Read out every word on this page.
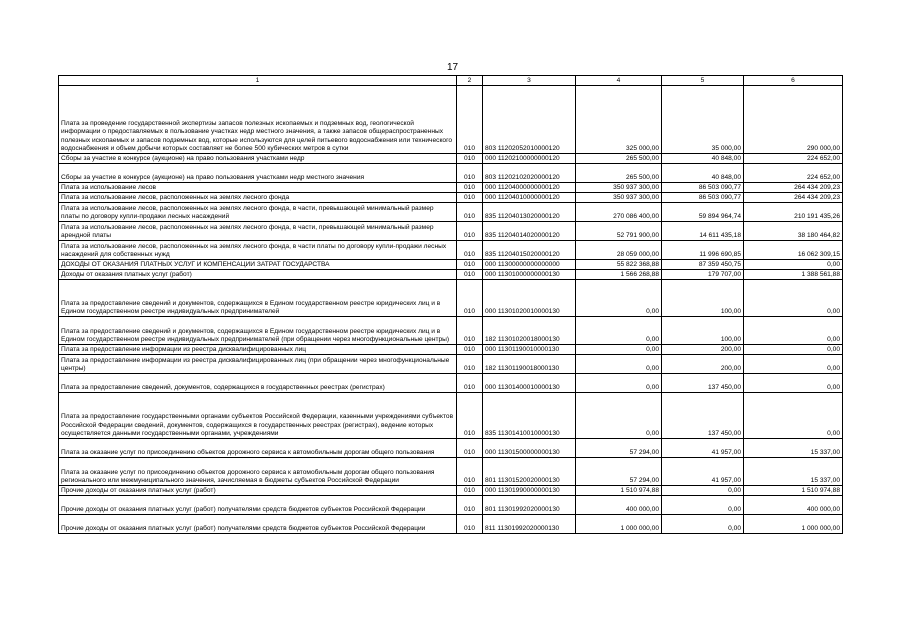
17
1	2	3	4	5	6
Плата за проведение государственной экспертизы запасов полезных ископаемых и подземных вод, геологической информации о предоставляемых в пользование участках недр местного значения, а также запасов общераспространенных полезных ископаемых и запасов подземных вод, которые используются для целей питьевого водоснабжения или технического водоснабжения и объем добычи которых составляет не более 500 кубических метров в сутки	010	803 11202052010000120	325 000,00	35 000,00	290 000,00
Сборы за участие в конкурсе (аукционе) на право пользования участками недр	010	000 11202100000000120	265 500,00	40 848,00	224 652,00
Сборы за участие в конкурсе (аукционе) на право пользования участками недр местного значения	010	803 11202102020000120	265 500,00	40 848,00	224 652,00
Плата за использование лесов	010	000 11204000000000120	350 937 300,00	86 503 090,77	264 434 209,23
Плата за использование лесов, расположенных на землях лесного фонда	010	000 11204010000000120	350 937 300,00	86 503 090,77	264 434 209,23
Плата за использование лесов, расположенных на землях лесного фонда, в части, превышающей минимальный размер платы по договору купли-продажи лесных насаждений	010	835 11204013020000120	270 086 400,00	59 894 964,74	210 191 435,26
Плата за использование лесов, расположенных на землях лесного фонда, в части, превышающей минимальный размер арендной платы	010	835 11204014020000120	52 791 900,00	14 611 435,18	38 180 464,82
Плата за использование лесов, расположенных на землях лесного фонда, в части платы по договору купли-продажи лесных насаждений для собственных нужд	010	835 11204015020000120	28 059 000,00	11 996 690,85	16 062 309,15
ДОХОДЫ ОТ ОКАЗАНИЯ ПЛАТНЫХ УСЛУГ И КОМПЕНСАЦИИ ЗАТРАТ ГОСУДАРСТВА	010	000 11300000000000000	55 822 368,88	87 359 450,75	0,00
Доходы от оказания платных услуг (работ)	010	000 11301000000000130	1 566 268,88	179 707,00	1 388 561,88
Плата за предоставление сведений и документов, содержащихся в Едином государственном реестре юридических лиц и в Едином государственном реестре индивидуальных предпринимателей	010	000 11301020010000130	0,00	100,00	0,00
Плата за предоставление сведений и документов, содержащихся в Едином государственном реестре юридических лиц и в Едином государственном реестре индивидуальных предпринимателей (при обращении через многофункциональные центры)	010	182 11301020018000130	0,00	100,00	0,00
Плата за предоставление информации из реестра дисквалифицированных лиц	010	000 11301190010000130	0,00	200,00	0,00
Плата за предоставление информации из реестра дисквалифицированных лиц (при обращении через многофункциональные центры)	010	182 11301190018000130	0,00	200,00	0,00
Плата за предоставление сведений, документов, содержащихся в государственных реестрах (регистрах)	010	000 11301400010000130	0,00	137 450,00	0,00
Плата за предоставление государственными органами субъектов Российской Федерации, казенными учреждениями субъектов Российской Федерации сведений, документов, содержащихся в государственных реестрах (регистрах), ведение которых осуществляется данными государственными органами, учреждениями	010	835 11301410010000130	0,00	137 450,00	0,00
Плата за оказание услуг по присоединению объектов дорожного сервиса к автомобильным дорогам общего пользования	010	000 11301500000000130	57 294,00	41 957,00	15 337,00
Плата за оказание услуг по присоединению объектов дорожного сервиса к автомобильным дорогам общего пользования регионального или межмуниципального значения, зачисляемая в бюджеты субъектов Российской Федерации	010	801 11301520020000130	57 294,00	41 957,00	15 337,00
Прочие доходы от оказания платных услуг (работ)	010	000 11301990000000130	1 510 974,88	0,00	1 510 974,88
Прочие доходы от оказания платных услуг (работ) получателями средств бюджетов субъектов Российской Федерации	010	801 11301992020000130	400 000,00	0,00	400 000,00
Прочие доходы от оказания платных услуг (работ) получателями средств бюджетов субъектов Российской Федерации	010	811 11301992020000130	1 000 000,00	0,00	1 000 000,00
